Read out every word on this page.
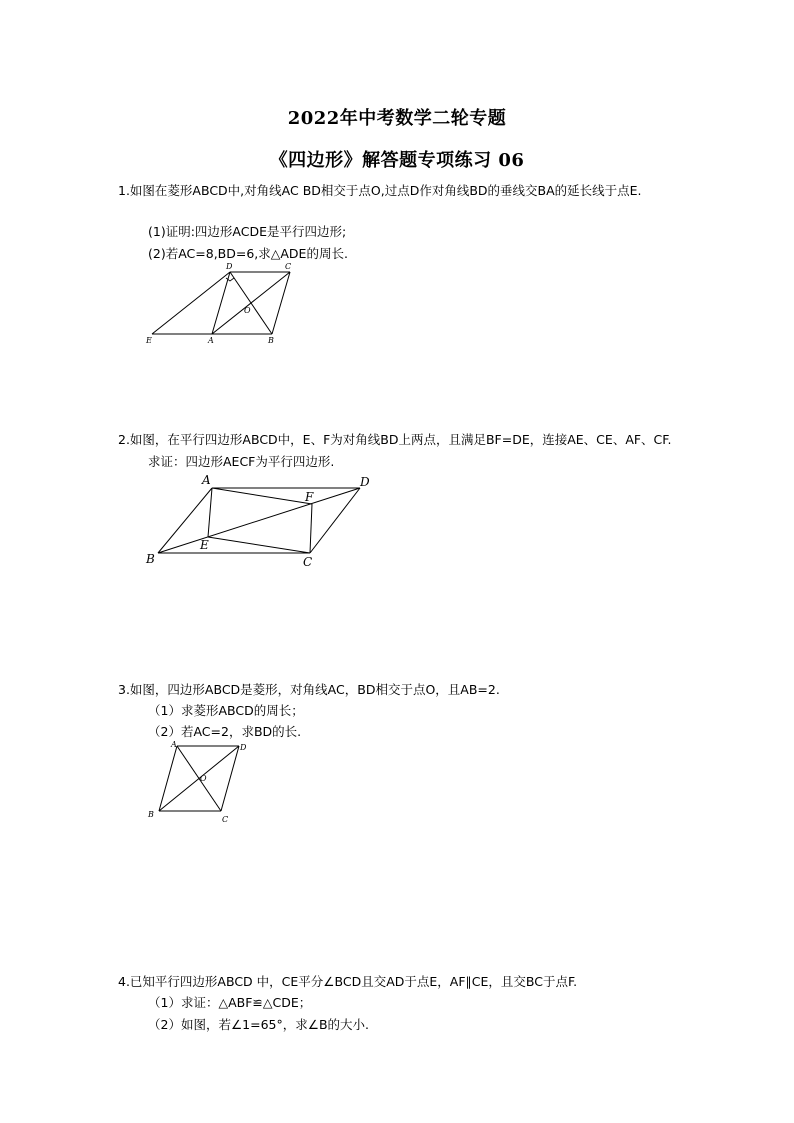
2022年中考数学二轮专题
《四边形》解答题专项练习 06
1.如图在菱形ABCD中,对角线AC BD相交于点O,过点D作对角线BD的垂线交BA的延长线于点E.
(1)证明:四边形ACDE是平行四边形;
(2)若AC=8,BD=6,求△ADE的周长.
D	C
O
E	A	B
2.如图，在平行四边形ABCD中，E、F为对角线BD上两点，且满足BF=DE，连接AE、CE、AF、CF.
求证：四边形AECF为平行四边形.
A	D
F
E
B	C
3.如图，四边形ABCD是菱形，对角线AC，BD相交于点O，且AB=2.
（1）求菱形ABCD的周长；
（2）若AC=2，求BD的长.
A	D
O
B
C
4.已知平行四边形ABCD 中，CE平分∠BCD且交AD于点E，AF∥CE，且交BC于点F.
（1）求证：△ABF≌△CDE；
（2）如图，若∠1=65°，求∠B的大小.
